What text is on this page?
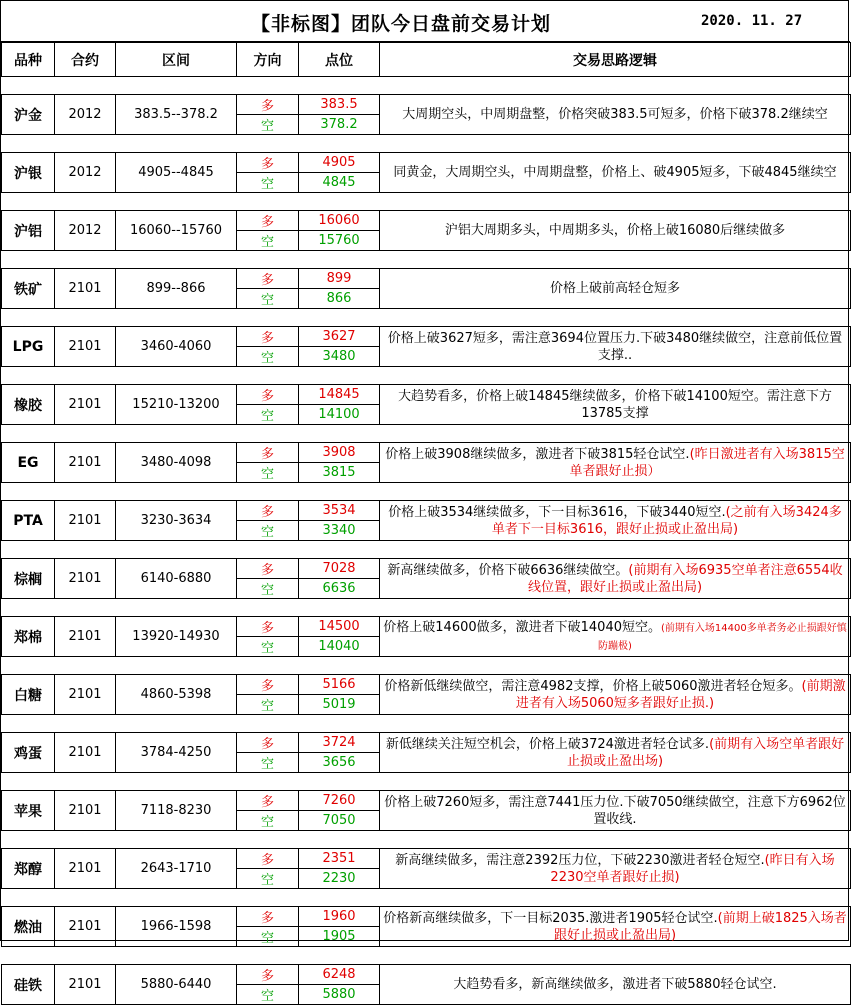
【非标图】团队今日盘前交易计划	2020. 11. 27
品种	合约	区间	方向	点位	交易思路逻辑

沪金	2012	383.5--378.2	多	383.5	大周期空头，中周期盘整，价格突破383.5可短多，价格下破378.2继续空
			空	378.2	

沪银	2012	4905--4845	多	4905	同黄金，大周期空头，中周期盘整，价格上、破4905短多，下破4845继续空
			空	4845	

沪铝	2012	16060--15760	多	16060	沪铝大周期多头，中周期多头，价格上破16080后继续做多
			空	15760	

铁矿	2101	899--866	多	899	价格上破前高轻仓短多
			空	866	

LPG	2101	3460-4060	多	3627	价格上破3627短多，需注意3694位置压力.下破3480继续做空，注意前低位置支撑..
			空	3480	

橡胶	2101	15210-13200	多	14845	大趋势看多，价格上破14845继续做多，价格下破14100短空。需注意下方13785支撑
			空	14100	

EG	2101	3480-4098	多	3908	价格上破3908继续做多，激进者下破3815轻仓试空.(昨日激进者有入场3815空单者跟好止损）
			空	3815	

PTA	2101	3230-3634	多	3534	价格上破3534继续做多，下一目标3616，下破3440短空.(之前有入场3424多单者下一目标3616，跟好止损或止盈出局)
			空	3340	

棕榈	2101	6140-6880	多	7028	新高继续做多，价格下破6636继续做空。(前期有入场6935空单者注意6554收线位置，跟好止损或止盈出局)
			空	6636	

郑棉	2101	13920-14930	多	14500	价格上破14600做多，激进者下破14040短空。(前期有入场14400多单者务必止损跟好慎防蹦极)
			空	14040	

白糖	2101	4860-5398	多	5166	价格新低继续做空，需注意4982支撑，价格上破5060激进者轻仓短多。(前期激进者有入场5060短多者跟好止损.)
			空	5019	

鸡蛋	2101	3784-4250	多	3724	新低继续关注短空机会，价格上破3724激进者轻仓试多.(前期有入场空单者跟好止损或止盈出场)
			空	3656	

苹果	2101	7118-8230	多	7260	价格上破7260短多，需注意7441压力位.下破7050继续做空，注意下方6962位置收线.
			空	7050	

郑醇	2101	2643-1710	多	2351	新高继续做多，需注意2392压力位，下破2230激进者轻仓短空.(昨日有入场2230空单者跟好止损)
			空	2230	

燃油	2101	1966-1598	多	1960	价格新高继续做多，下一目标2035.激进者1905轻仓试空.(前期上破1825入场者跟好止损或止盈出局)
			空	1905	

硅铁	2101	5880-6440	多	6248	大趋势看多，新高继续做多，激进者下破5880轻仓试空.
			空	5880	
